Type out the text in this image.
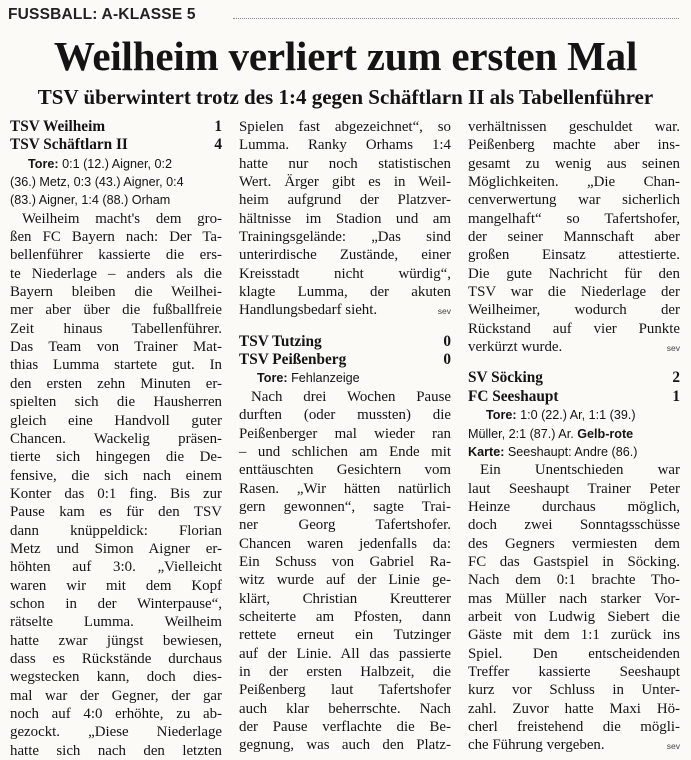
FUSSBALL: A-KLASSE 5
Weilheim verliert zum ersten Mal
TSV überwintert trotz des 1:4 gegen Schäftlarn II als Tabellenführer
TSV Weilheim	1
TSV Schäftlarn II	4
Tore: 0:1 (12.) Aigner, 0:2
(36.) Metz, 0:3 (43.) Aigner, 0:4
(83.) Aigner, 1:4 (88.) Orham
Weilheim macht's dem gro-
ßen FC Bayern nach: Der Ta-
bellenführer kassierte die ers-
te Niederlage – anders als die
Bayern bleiben die Weilhei-
mer aber über die fußballfreie
Zeit hinaus Tabellenführer.
Das Team von Trainer Mat-
thias Lumma startete gut. In
den ersten zehn Minuten er-
spielten sich die Hausherren
gleich eine Handvoll guter
Chancen. Wackelig präsen-
tierte sich hingegen die De-
fensive, die sich nach einem
Konter das 0:1 fing. Bis zur
Pause kam es für den TSV
dann knüppeldick: Florian
Metz und Simon Aigner er-
höhten auf 3:0. „Vielleicht
waren wir mit dem Kopf
schon in der Winterpause“,
rätselte Lumma. Weilheim
hatte zwar jüngst bewiesen,
dass es Rückstände durchaus
wegstecken kann, doch dies-
mal war der Gegner, der gar
noch auf 4:0 erhöhte, zu ab-
gezockt. „Diese Niederlage
hatte sich nach den letzten
Spielen fast abgezeichnet“, so
Lumma. Ranky Orhams 1:4
hatte nur noch statistischen
Wert. Ärger gibt es in Weil-
heim aufgrund der Platzver-
hältnisse im Stadion und am
Trainingsgelände: „Das sind
unterirdische Zustände, einer
Kreisstadt nicht würdig“,
klagte Lumma, der akuten
Handlungsbedarf sieht.	sev
TSV Tutzing	0
TSV Peißenberg	0
Tore: Fehlanzeige
Nach drei Wochen Pause
durften (oder mussten) die
Peißenberger mal wieder ran
– und schlichen am Ende mit
enttäuschten Gesichtern vom
Rasen. „Wir hätten natürlich
gern gewonnen“, sagte Trai-
ner Georg Tafertshofer.
Chancen waren jedenfalls da:
Ein Schuss von Gabriel Ra-
witz wurde auf der Linie ge-
klärt, Christian Kreutterer
scheiterte am Pfosten, dann
rettete erneut ein Tutzinger
auf der Linie. All das passierte
in der ersten Halbzeit, die
Peißenberg laut Tafertshofer
auch klar beherrschte. Nach
der Pause verflachte die Be-
gegnung, was auch den Platz-
verhältnissen geschuldet war.
Peißenberg machte aber ins-
gesamt zu wenig aus seinen
Möglichkeiten. „Die Chan-
cenverwertung war sicherlich
mangelhaft“ so Tafertshofer,
der seiner Mannschaft aber
großen Einsatz attestierte.
Die gute Nachricht für den
TSV war die Niederlage der
Weilheimer, wodurch der
Rückstand auf vier Punkte
verkürzt wurde.	sev
SV Söcking	2
FC Seeshaupt	1
Tore: 1:0 (22.) Ar, 1:1 (39.)
Müller, 2:1 (87.) Ar. Gelb-rote
Karte: Seeshaupt: Andre (86.)
Ein Unentschieden war
laut Seeshaupt Trainer Peter
Heinze durchaus möglich,
doch zwei Sonntagsschüsse
des Gegners vermiesten dem
FC das Gastspiel in Söcking.
Nach dem 0:1 brachte Tho-
mas Müller nach starker Vor-
arbeit von Ludwig Siebert die
Gäste mit dem 1:1 zurück ins
Spiel. Den entscheidenden
Treffer kassierte Seeshaupt
kurz vor Schluss in Unter-
zahl. Zuvor hatte Maxi Hö-
cherl freistehend die mögli-
che Führung vergeben.	sev
